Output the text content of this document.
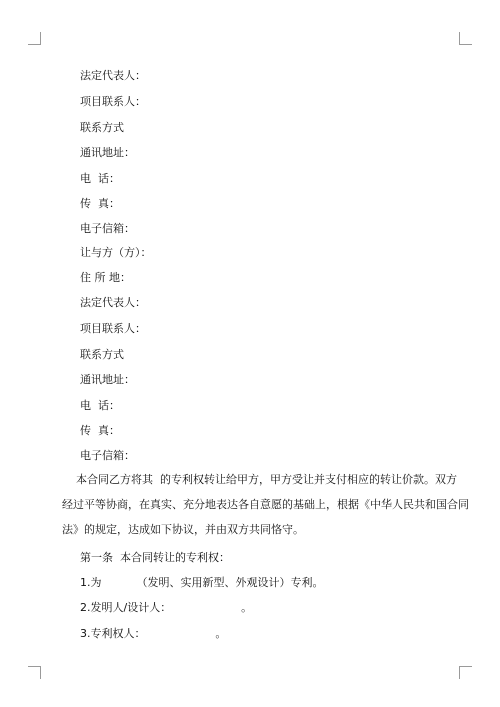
法定代表人：
项目联系人：
联系方式
通讯地址：
电  话：
传  真：
电子信箱：
让与方（方）：
住 所 地：
法定代表人：
项目联系人：
联系方式
通讯地址：
电  话：
传  真：
电子信箱：
本合同乙方将其  的专利权转让给甲方，甲方受让并支付相应的转让价款。双方
经过平等协商，在真实、充分地表达各自意愿的基础上，根据《中华人民共和国合同
法》的规定，达成如下协议，并由双方共同恪守。
第一条  本合同转让的专利权：
1.为          （发明、实用新型、外观设计）专利。
2.发明人/设计人：                    。
3.专利权人：                    。
